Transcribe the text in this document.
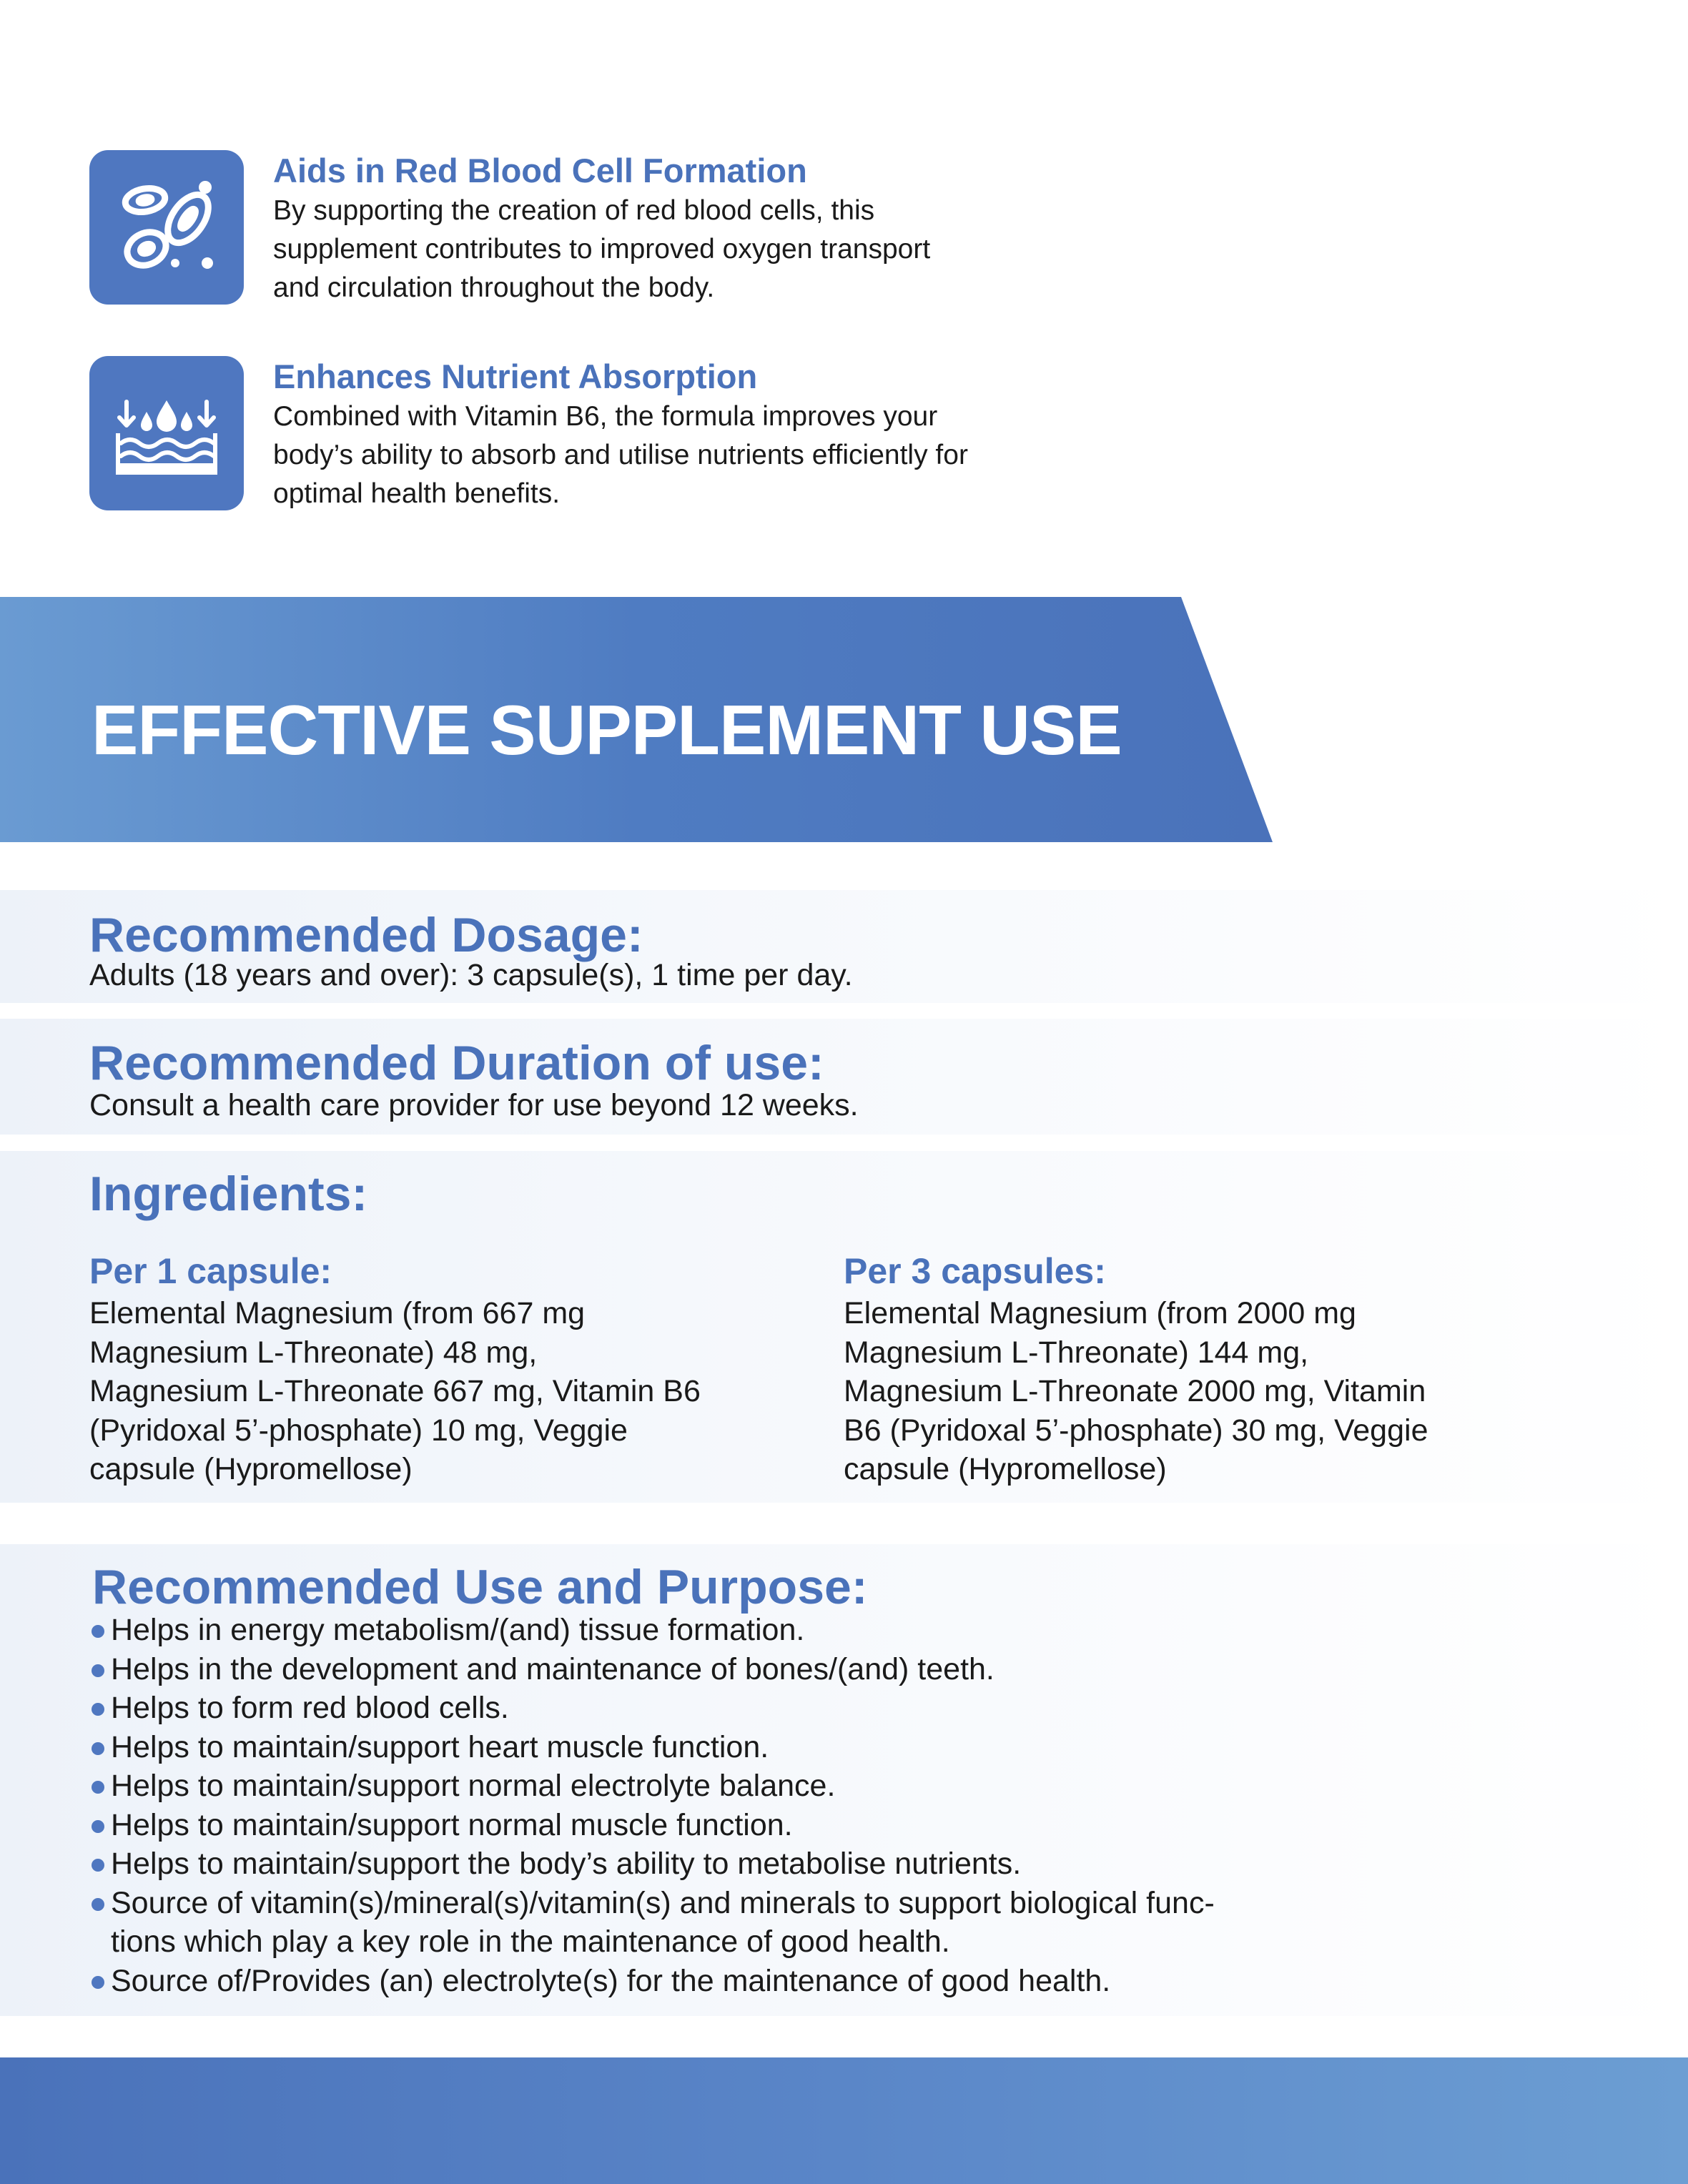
Aids in Red Blood Cell Formation

By supporting the creation of red blood cells, this

supplement contributes to improved oxygen transport

and circulation throughout the body.

Enhances Nutrient Absorption

Combined with Vitamin B6, the formula improves your

body’s ability to absorb and utilise nutrients efficiently for

optimal health benefits.

EFFECTIVE SUPPLEMENT USE
Recommended Dosage:

Adults (18 years and over): 3 capsule(s), 1 time per day.

Recommended Duration of use:

Consult a health care provider for use beyond 12 weeks.

Ingredients:
Per 1 capsule:
Elemental Magnesium (from 667 mg
Magnesium L-Threonate) 48 mg,
Magnesium L-Threonate 667 mg, Vitamin B6
(Pyridoxal 5’-phosphate) 10 mg, Veggie
capsule (Hypromellose)
Per 3 capsules:
Elemental Magnesium (from 2000 mg
Magnesium L-Threonate) 144 mg,
Magnesium L-Threonate 2000 mg, Vitamin
B6 (Pyridoxal 5’-phosphate) 30 mg, Veggie
capsule (Hypromellose)
Recommended Use and Purpose:
Helps in energy metabolism/(and) tissue formation.
Helps in the development and maintenance of bones/(and) teeth.
Helps to form red blood cells.
Helps to maintain/support heart muscle function.
Helps to maintain/support normal electrolyte balance.
Helps to maintain/support normal muscle function.
Helps to maintain/support the body’s ability to metabolise nutrients.
Source of vitamin(s)/mineral(s)/vitamin(s) and minerals to support biological func-
tions which play a key role in the maintenance of good health.
Source of/Provides (an) electrolyte(s) for the maintenance of good health.
